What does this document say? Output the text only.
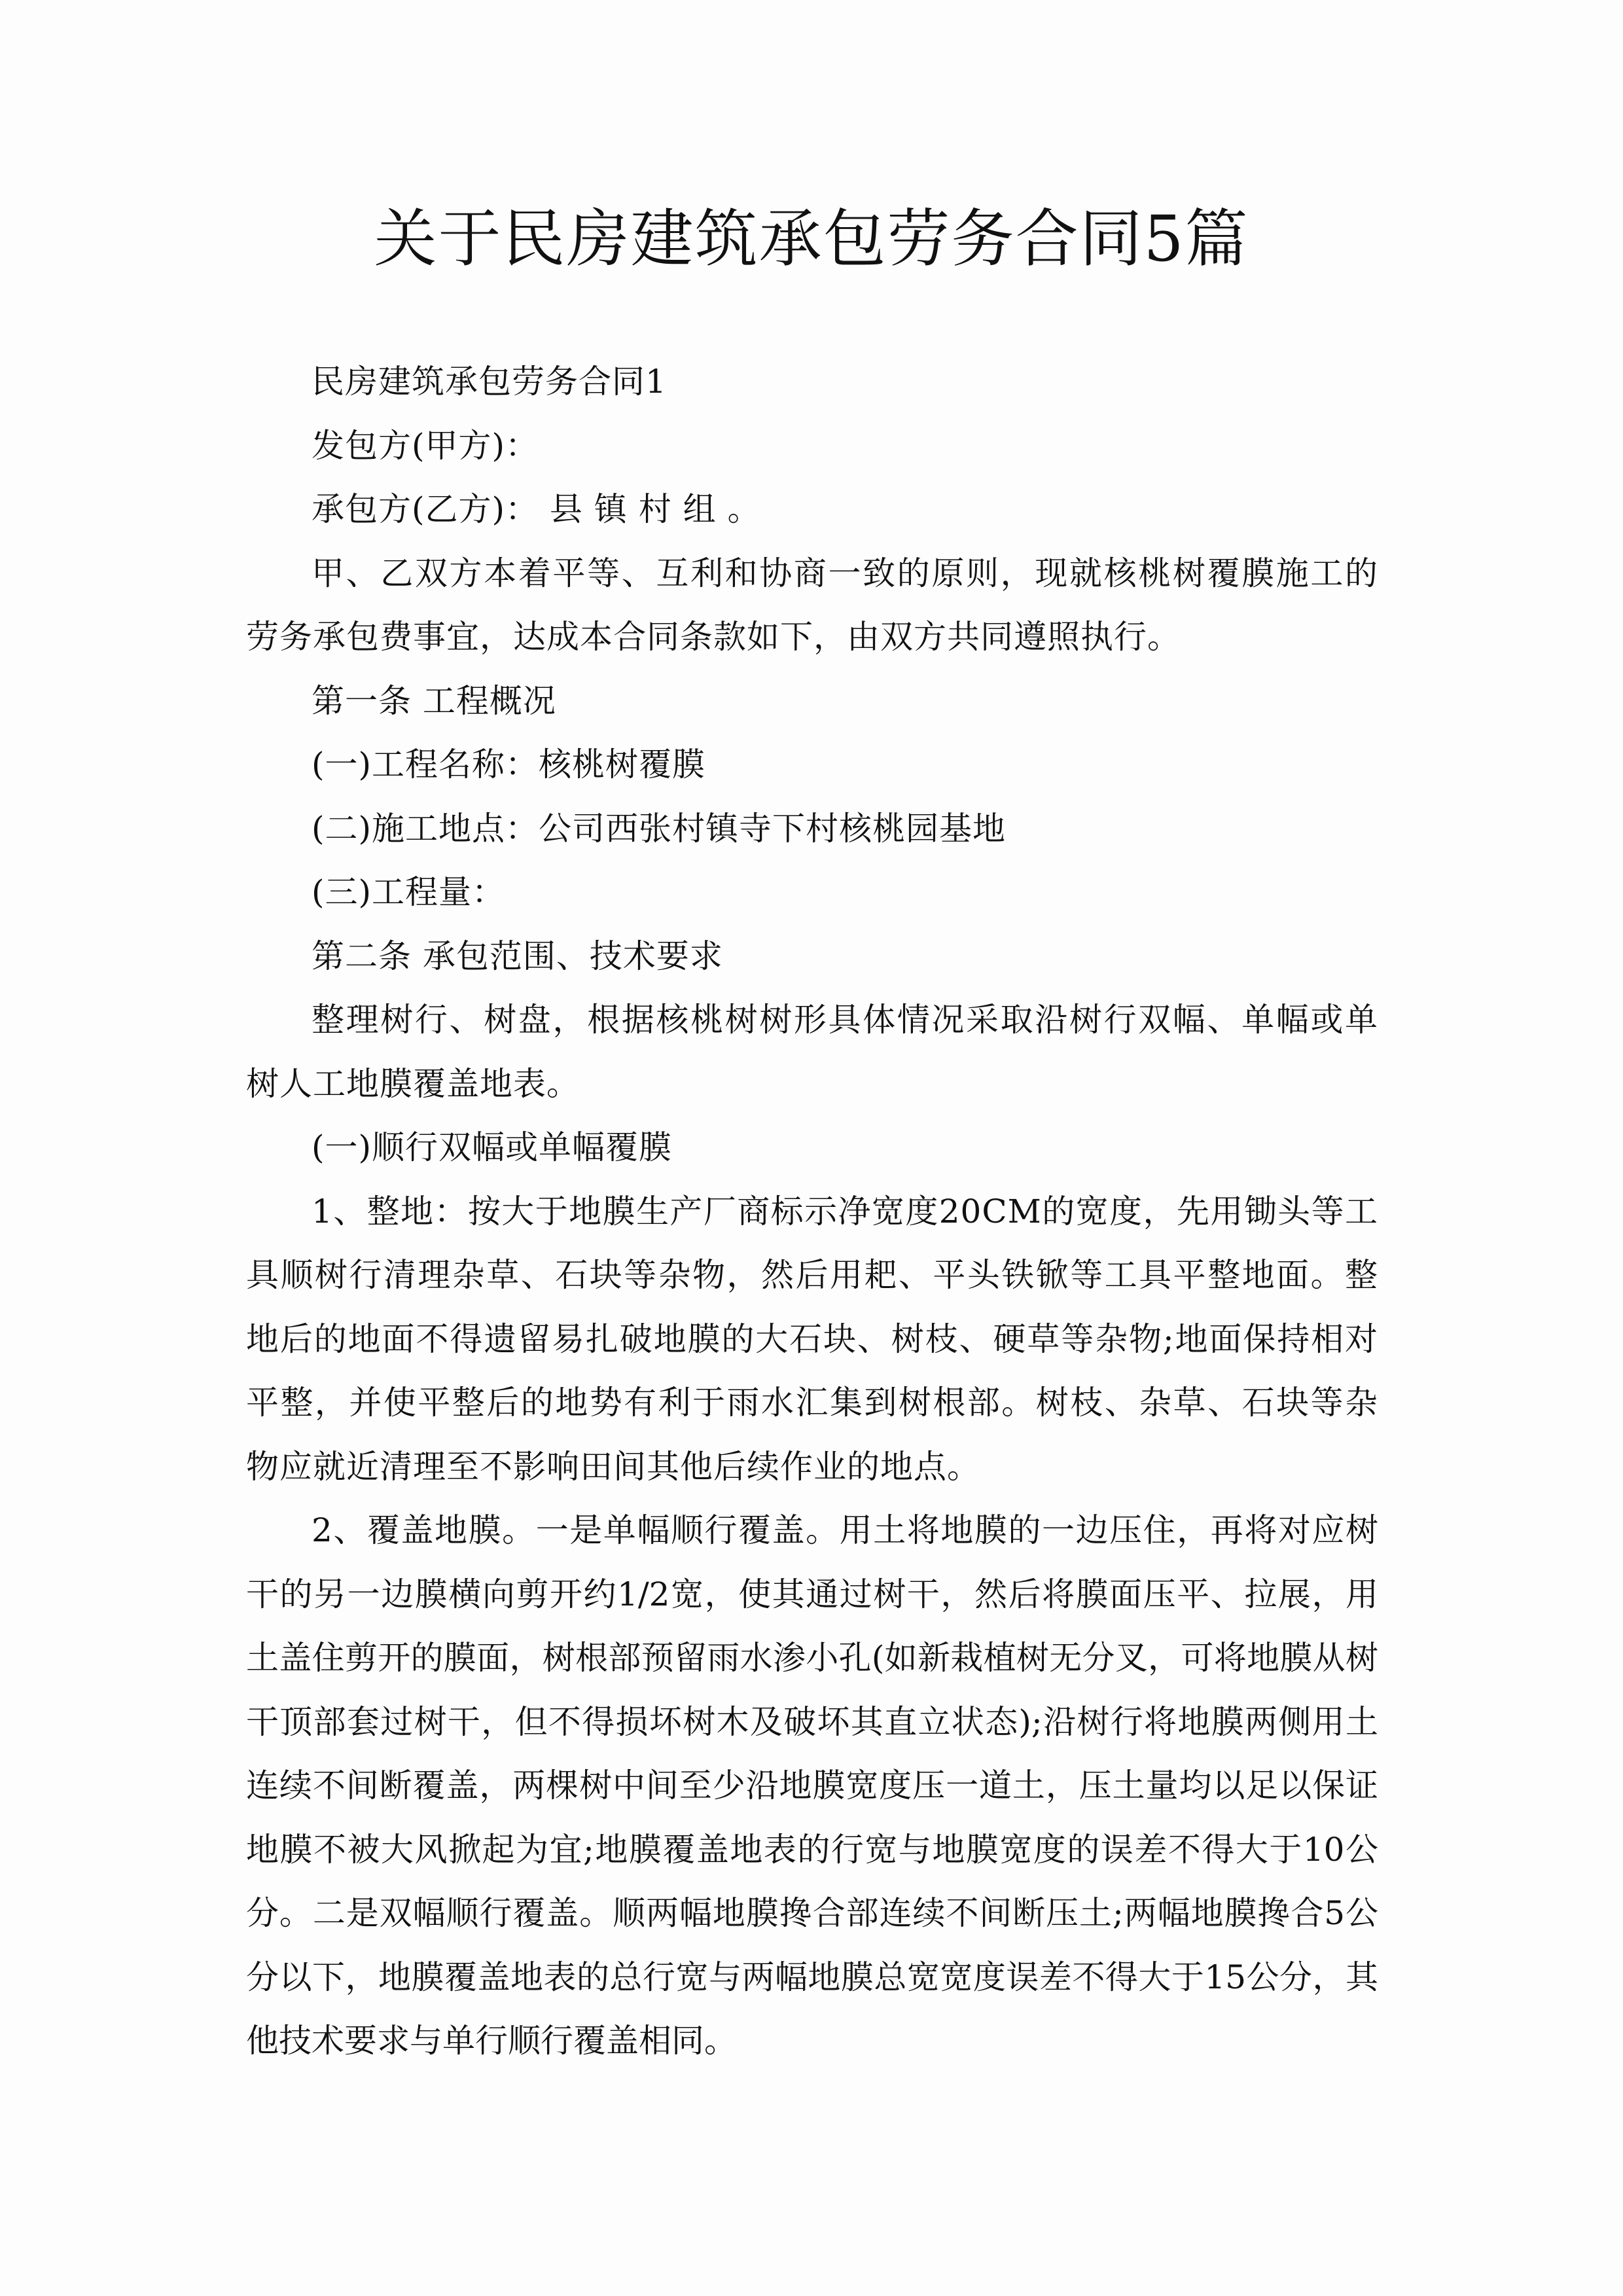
关于民房建筑承包劳务合同5篇

民房建筑承包劳务合同1

发包方(甲方)：

承包方(乙方)： 县 镇 村 组 。

甲、乙双方本着平等、互利和协商一致的原则，现就核桃树覆膜施工的劳务承包费事宜，达成本合同条款如下，由双方共同遵照执行。

第一条 工程概况

(一)工程名称：核桃树覆膜

(二)施工地点：公司西张村镇寺下村核桃园基地

(三)工程量：

第二条 承包范围、技术要求

整理树行、树盘，根据核桃树树形具体情况采取沿树行双幅、单幅或单树人工地膜覆盖地表。

(一)顺行双幅或单幅覆膜

1、整地：按大于地膜生产厂商标示净宽度20CM的宽度，先用锄头等工具顺树行清理杂草、石块等杂物，然后用耙、平头铁锨等工具平整地面。整地后的地面不得遗留易扎破地膜的大石块、树枝、硬草等杂物;地面保持相对平整，并使平整后的地势有利于雨水汇集到树根部。树枝、杂草、石块等杂物应就近清理至不影响田间其他后续作业的地点。

2、覆盖地膜。一是单幅顺行覆盖。用土将地膜的一边压住，再将对应树干的另一边膜横向剪开约1/2宽，使其通过树干，然后将膜面压平、拉展，用土盖住剪开的膜面，树根部预留雨水渗小孔(如新栽植树无分叉，可将地膜从树干顶部套过树干，但不得损坏树木及破坏其直立状态);沿树行将地膜两侧用土连续不间断覆盖，两棵树中间至少沿地膜宽度压一道土，压土量均以足以保证地膜不被大风掀起为宜;地膜覆盖地表的行宽与地膜宽度的误差不得大于10公分。二是双幅顺行覆盖。顺两幅地膜搀合部连续不间断压土;两幅地膜搀合5公分以下，地膜覆盖地表的总行宽与两幅地膜总宽宽度误差不得大于15公分，其他技术要求与单行顺行覆盖相同。
